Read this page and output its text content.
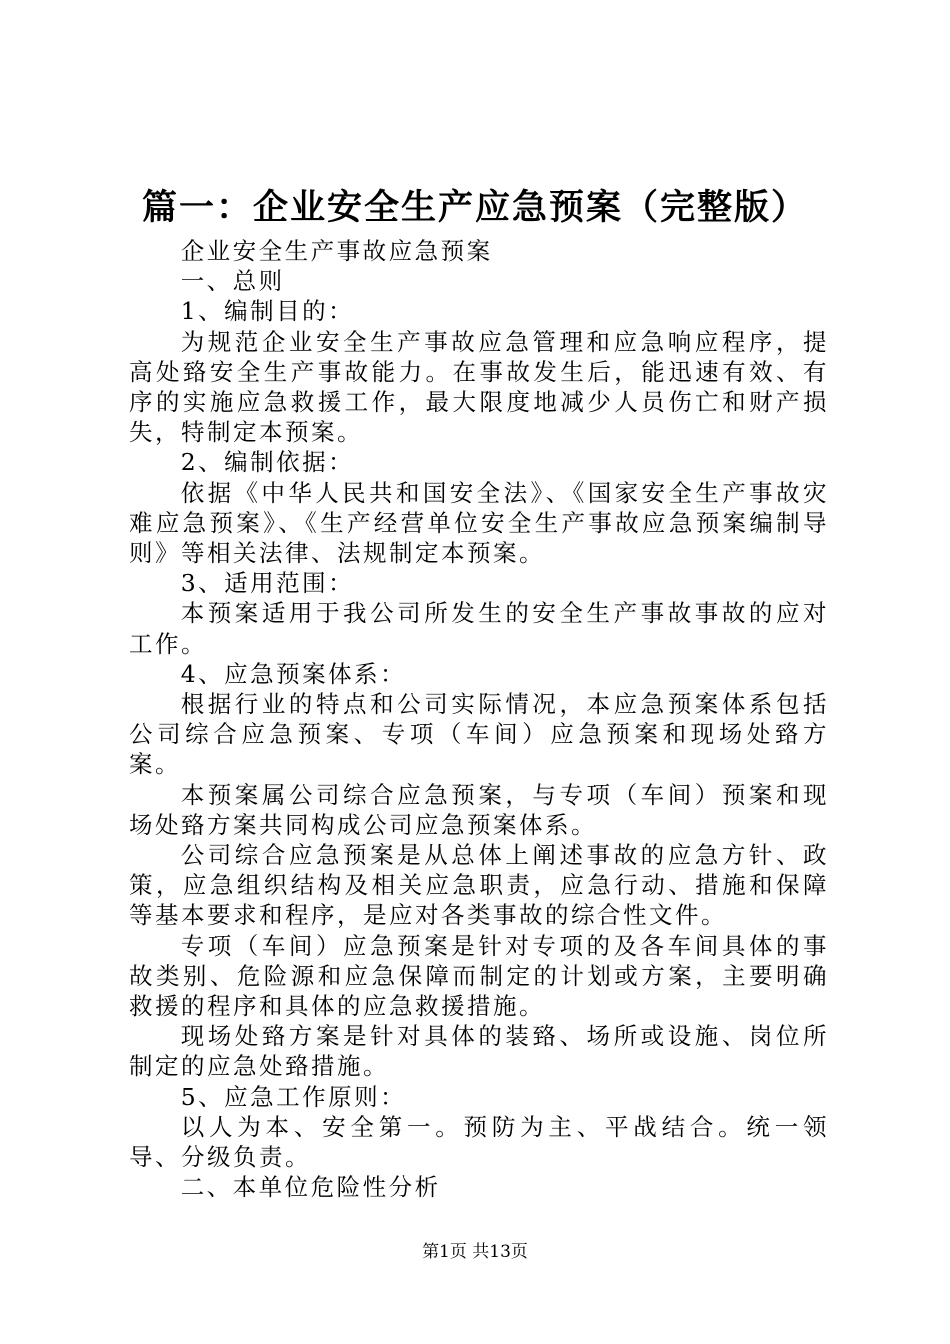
篇一：企业安全生产应急预案（完整版）

企业安全生产事故应急预案

一、总则

1、编制目的：

为规范企业安全生产事故应急管理和应急响应程序，提高处臵安全生产事故能力。在事故发生后，能迅速有效、有序的实施应急救援工作，最大限度地减少人员伤亡和财产损失，特制定本预案。

2、编制依据：

依据《中华人民共和国安全法》、《国家安全生产事故灾难应急预案》、《生产经营单位安全生产事故应急预案编制导则》等相关法律、法规制定本预案。

3、适用范围：

本预案适用于我公司所发生的安全生产事故事故的应对工作。

4、应急预案体系：

根据行业的特点和公司实际情况，本应急预案体系包括公司综合应急预案、专项（车间）应急预案和现场处臵方案。

本预案属公司综合应急预案，与专项（车间）预案和现场处臵方案共同构成公司应急预案体系。

公司综合应急预案是从总体上阐述事故的应急方针、政策，应急组织结构及相关应急职责，应急行动、措施和保障等基本要求和程序，是应对各类事故的综合性文件。

专项（车间）应急预案是针对专项的及各车间具体的事故类别、危险源和应急保障而制定的计划或方案，主要明确救援的程序和具体的应急救援措施。

现场处臵方案是针对具体的装臵、场所或设施、岗位所制定的应急处臵措施。

5、应急工作原则：

以人为本、安全第一。预防为主、平战结合。统一领导、分级负责。

二、本单位危险性分析

第1页 共13页
